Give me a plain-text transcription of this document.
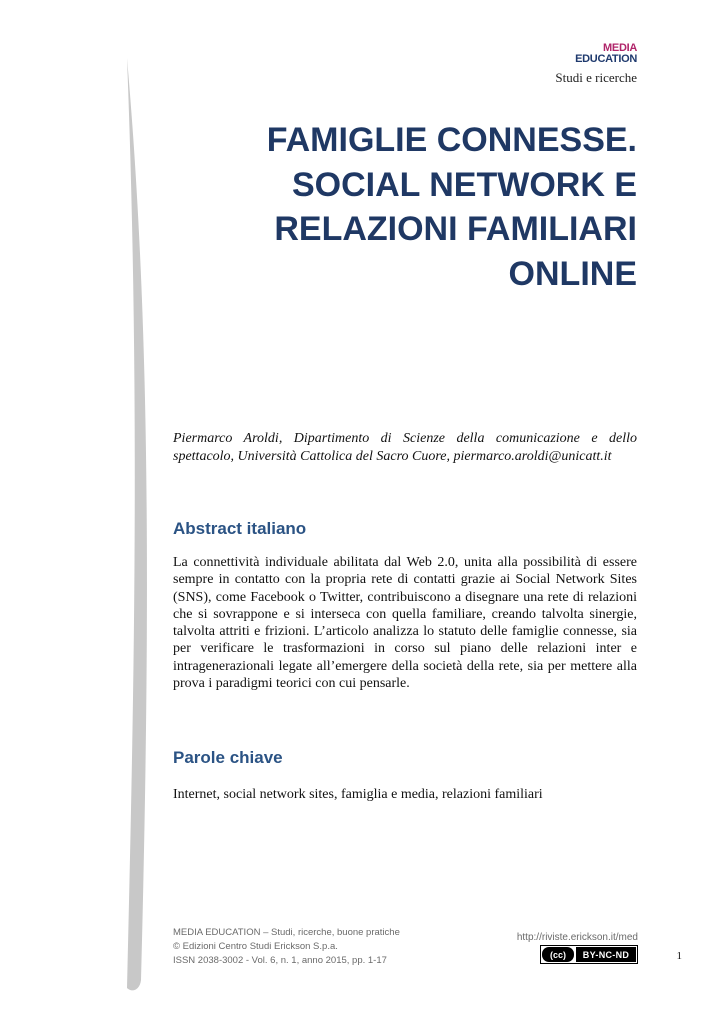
MEDIA
EDUCATION
Studi e ricerche
FAMIGLIE CONNESSE.
SOCIAL NETWORK E
RELAZIONI FAMILIARI
ONLINE

Piermarco Aroldi, Dipartimento di Scienze della comunicazione e dello spettacolo, Università Cattolica del Sacro Cuore, piermarco.aroldi@unicatt.it

Abstract italiano

La connettività individuale abilitata dal Web 2.0, unita alla possibilità di essere sempre in contatto con la propria rete di contatti grazie ai Social Network Sites (SNS), come Facebook o Twitter, contribuiscono a disegnare una rete di relazioni che si sovrappone e si interseca con quella familiare, creando talvolta sinergie, talvolta attriti e frizioni. L’articolo analizza lo statuto delle famiglie connesse, sia per verificare le trasformazioni in corso sul piano delle relazioni inter e intragenerazionali legate all’emergere della società della rete, sia per mettere alla prova i paradigmi teorici con cui pensarle.

Parole chiave

Internet, social network sites, famiglia e media, relazioni familiari

MEDIA EDUCATION – Studi, ricerche, buone pratiche
© Edizioni Centro Studi Erickson S.p.a.
ISSN 2038-3002 - Vol. 6, n. 1, anno 2015, pp. 1-17
http://riviste.erickson.it/med
(cc)	BY-NC-ND	1
